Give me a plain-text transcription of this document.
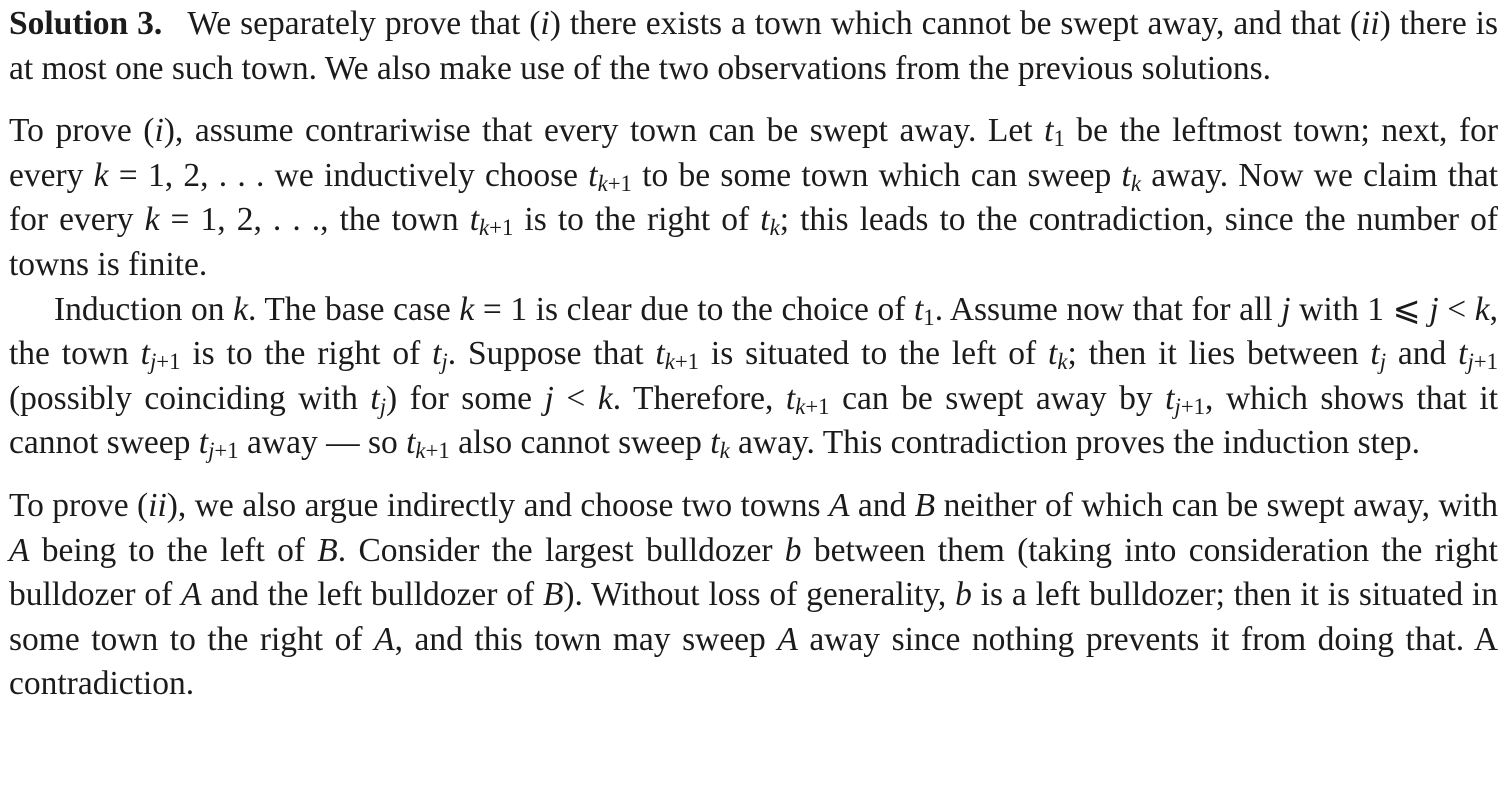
Solution 3.  We separately prove that (i) there exists a town which cannot be swept away, and that (ii) there is at most one such town. We also make use of the two observations from the previous solutions.

To prove (i), assume contrariwise that every town can be swept away. Let $t_1$ be the leftmost town; next, for every k = 1, 2, . . . we inductively choose $tk_{+1}$ to be some town which can sweep tk away. Now we claim that for every k = 1, 2, . . ., the town $tk_{+1}$ is to the right of tk; this leads to the contradiction, since the number of towns is finite.

Induction on k. The base case k = 1 is clear due to the choice of $t_1$. Assume now that for all j with 1 ⩽ j < k, the town $tj_{+1}$ is to the right of tj. Suppose that $tk_{+1}$ is situated to the left of tk; then it lies between tj and $tj_{+1}$ (possibly coinciding with tj) for some j < k. Therefore, $tk_{+1}$ can be swept away by $tj_{+1}$, which shows that it cannot sweep $tj_{+1}$ away — so $tk_{+1}$ also cannot sweep tk away. This contradiction proves the induction step.

To prove (ii), we also argue indirectly and choose two towns A and B neither of which can be swept away, with A being to the left of B. Consider the largest bulldozer b between them (taking into consideration the right bulldozer of A and the left bulldozer of B). Without loss of generality, b is a left bulldozer; then it is situated in some town to the right of A, and this town may sweep A away since nothing prevents it from doing that. A contradiction.
